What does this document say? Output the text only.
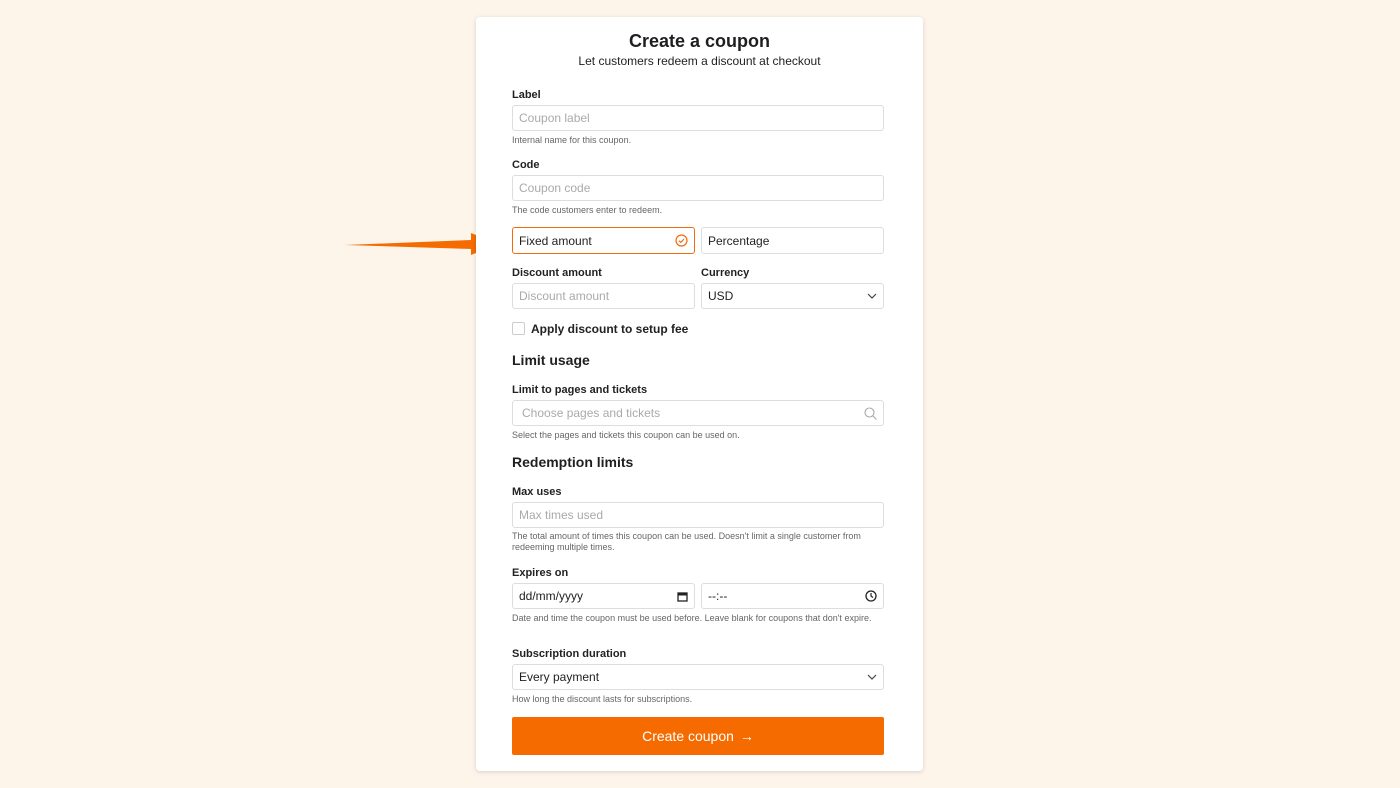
Create a coupon
Let customers redeem a discount at checkout
Label
Coupon label
Internal name for this coupon.
Code
Coupon code
The code customers enter to redeem.
Fixed amount	Percentage
Discount amount	Currency
Discount amount	USD
Apply discount to setup fee
Limit usage
Limit to pages and tickets
Choose pages and tickets
Select the pages and tickets this coupon can be used on.
Redemption limits
Max uses
Max times used
The total amount of times this coupon can be used. Doesn't limit a single customer from redeeming multiple times.
Expires on
dd/mm/yyyy	--:--
Date and time the coupon must be used before. Leave blank for coupons that don't expire.
Subscription duration
Every payment
How long the discount lasts for subscriptions.
Create coupon →
